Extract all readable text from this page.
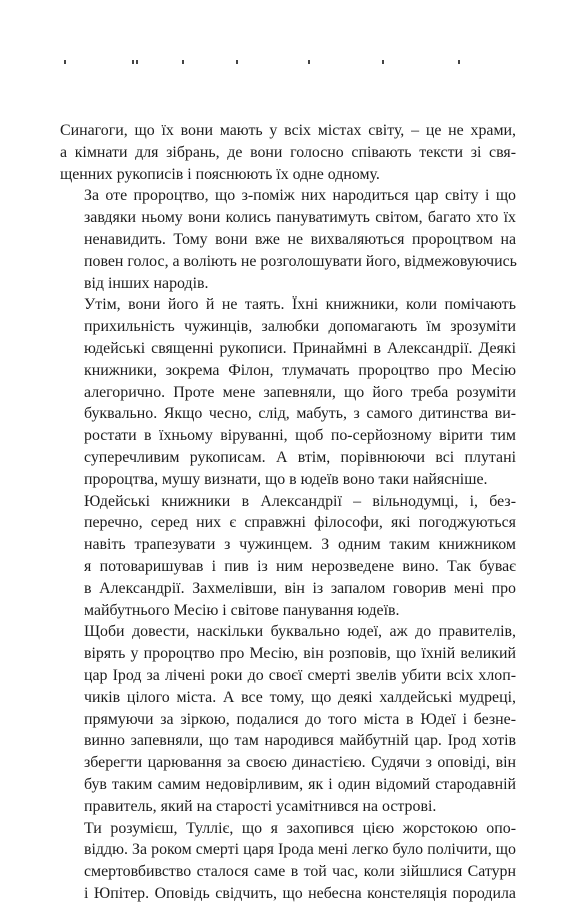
Синагоги, що їх вони мають у всіх містах світу, – це не храми,
а кімнати для зібрань, де вони голосно співають тексти зі свя-
щенних рукописів і пояснюють їх одне одному.

За оте пророцтво, що з-поміж них народиться цар світу і що
завдяки ньому вони колись пануватимуть світом, багато хто їх
ненавидить. Тому вони вже не вихваляються пророцтвом на
повен голос, а воліють не розголошувати його, відмежовуючись
від інших народів.

Утім, вони його й не таять. Їхні книжники, коли помічають
прихильність чужинців, залюбки допомагають їм зрозуміти
юдейські священні рукописи. Принаймні в Александрії. Деякі
книжники, зокрема Філон, тлумачать пророцтво про Месію
алегорично. Проте мене запевняли, що його треба розуміти
буквально. Якщо чесно, слід, мабуть, з самого дитинства ви-
ростати в їхньому віруванні, щоб по-серйозному вірити тим
суперечливим рукописам. А втім, порівнюючи всі плутані
пророцтва, мушу визнати, що в юдеїв воно таки найясніше.

Юдейські книжники в Александрії – вільнодумці, і, без-
перечно, серед них є справжні філософи, які погоджуються
навіть трапезувати з чужинцем. З одним таким книжником
я потоваришував і пив із ним нерозведене вино. Так буває
в Александрії. Захмелівши, він із запалом говорив мені про
майбутнього Месію і світове панування юдеїв.

Щоби довести, наскільки буквально юдеї, аж до правителів,
вірять у пророцтво про Месію, він розповів, що їхній великий
цар Ірод за лічені роки до своєї смерті звелів убити всіх хлоп-
чиків цілого міста. А все тому, що деякі халдейські мудреці,
прямуючи за зіркою, подалися до того міста в Юдеї і безне-
винно запевняли, що там народився майбутній цар. Ірод хотів
зберегти царювання за своєю династією. Судячи з оповіді, він
був таким самим недовірливим, як і один відомий стародавній
правитель, який на старості усамітнився на острові.

Ти розумієш, Тулліє, що я захопився цією жорстокою опо-
віддю. За роком смерті царя Ірода мені легко було полічити, що
смертовбивство сталося саме в той час, коли зійшлися Сатурн
і Юпітер. Оповідь свідчить, що небесна констеляція породила
